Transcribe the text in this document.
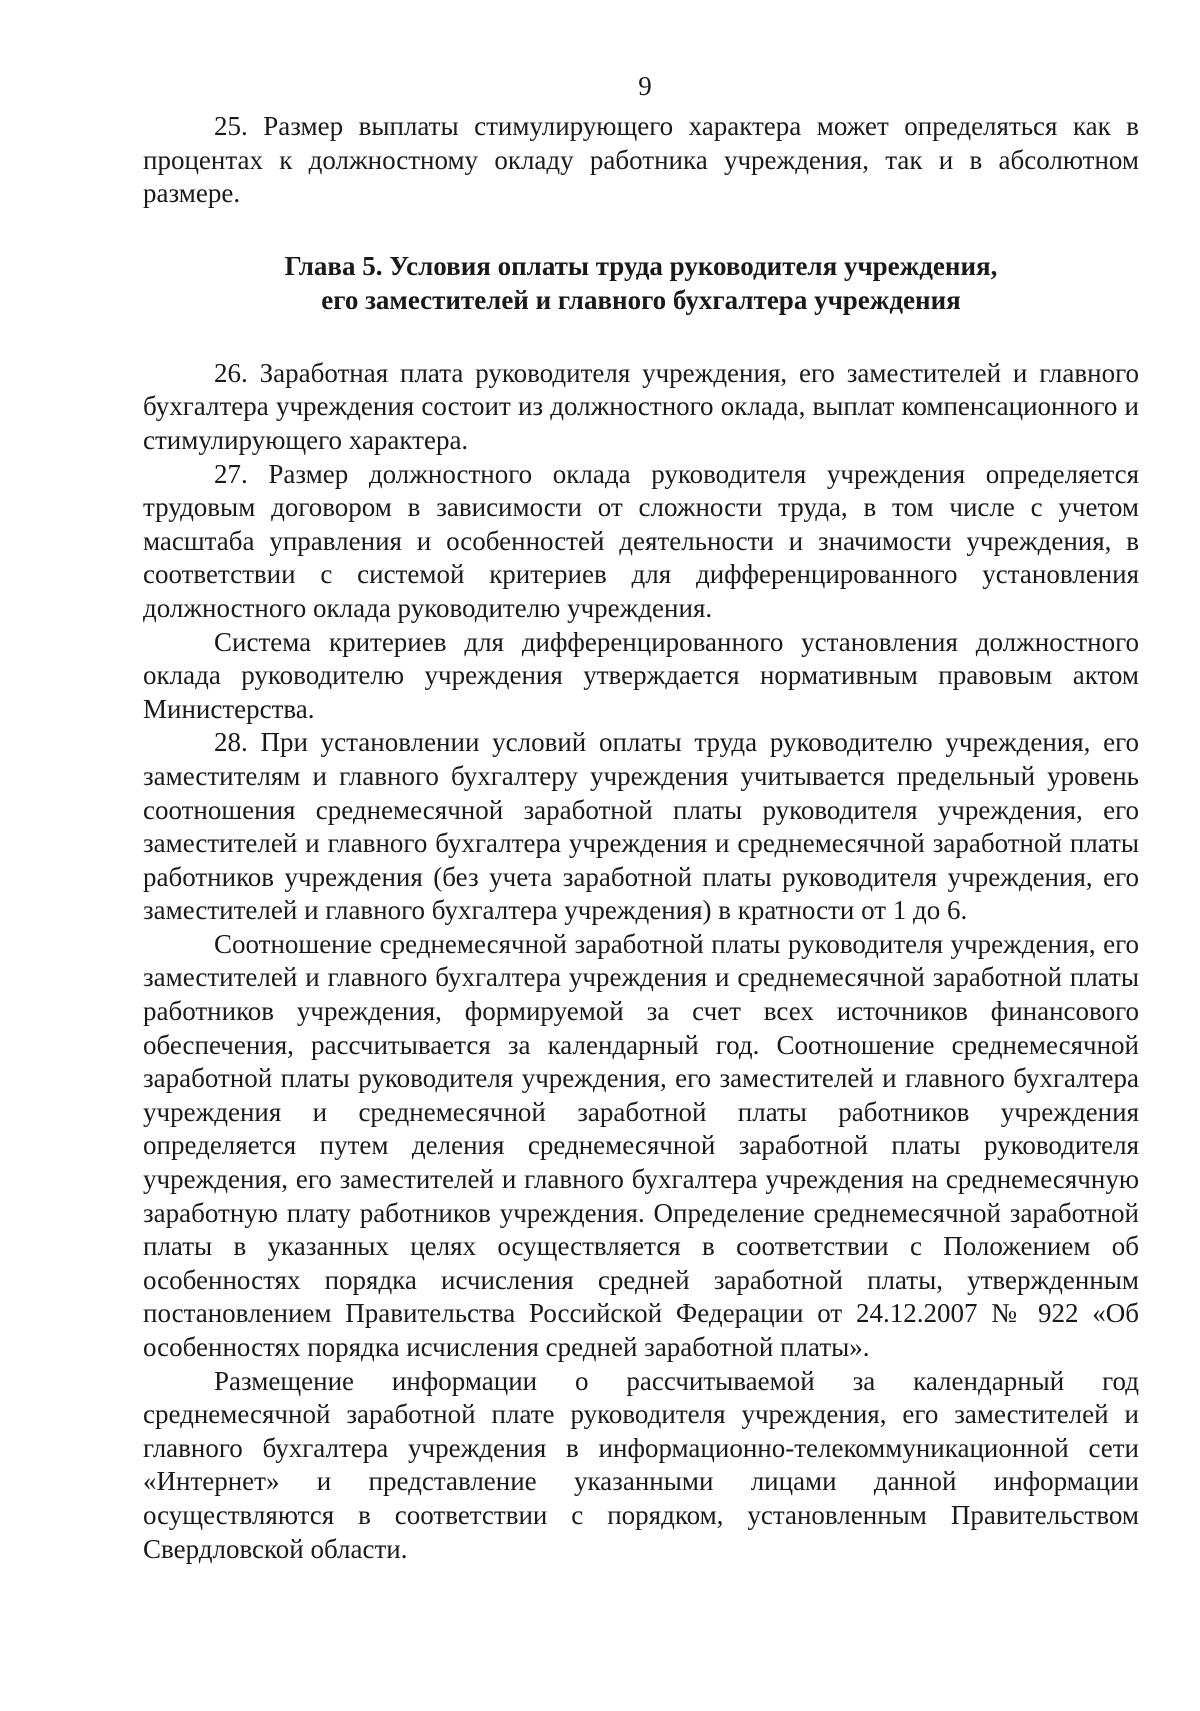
9

25. Размер выплаты стимулирующего характера может определяться как в процентах к должностному окладу работника учреждения, так и в абсолютном размере.

Глава 5. Условия оплаты труда руководителя учреждения,
его заместителей и главного бухгалтера учреждения

26. Заработная плата руководителя учреждения, его заместителей и главного бухгалтера учреждения состоит из должностного оклада, выплат компенсационного и стимулирующего характера.

27. Размер должностного оклада руководителя учреждения определяется трудовым договором в зависимости от сложности труда, в том числе с учетом масштаба управления и особенностей деятельности и значимости учреждения, в соответствии с системой критериев для дифференцированного установления должностного оклада руководителю учреждения.

Система критериев для дифференцированного установления должностного оклада руководителю учреждения утверждается нормативным правовым актом Министерства.

28. При установлении условий оплаты труда руководителю учреждения, его заместителям и главного бухгалтеру учреждения учитывается предельный уровень соотношения среднемесячной заработной платы руководителя учреждения, его заместителей и главного бухгалтера учреждения и среднемесячной заработной платы работников учреждения (без учета заработной платы руководителя учреждения, его заместителей и главного бухгалтера учреждения) в кратности от 1 до 6.

Соотношение среднемесячной заработной платы руководителя учреждения, его заместителей и главного бухгалтера учреждения и среднемесячной заработной платы работников учреждения, формируемой за счет всех источников финансового обеспечения, рассчитывается за календарный год. Соотношение среднемесячной заработной платы руководителя учреждения, его заместителей и главного бухгалтера учреждения и среднемесячной заработной платы работников учреждения определяется путем деления среднемесячной заработной платы руководителя учреждения, его заместителей и главного бухгалтера учреждения на среднемесячную заработную плату работников учреждения. Определение среднемесячной заработной платы в указанных целях осуществляется в соответствии с Положением об особенностях порядка исчисления средней заработной платы, утвержденным постановлением Правительства Российской Федерации от 24.12.2007 № 922 «Об особенностях порядка исчисления средней заработной платы».

Размещение информации о рассчитываемой за календарный год среднемесячной заработной плате руководителя учреждения, его заместителей и главного бухгалтера учреждения в информационно-телекоммуникационной сети «Интернет» и представление указанными лицами данной информации осуществляются в соответствии с порядком, установленным Правительством Свердловской области.
